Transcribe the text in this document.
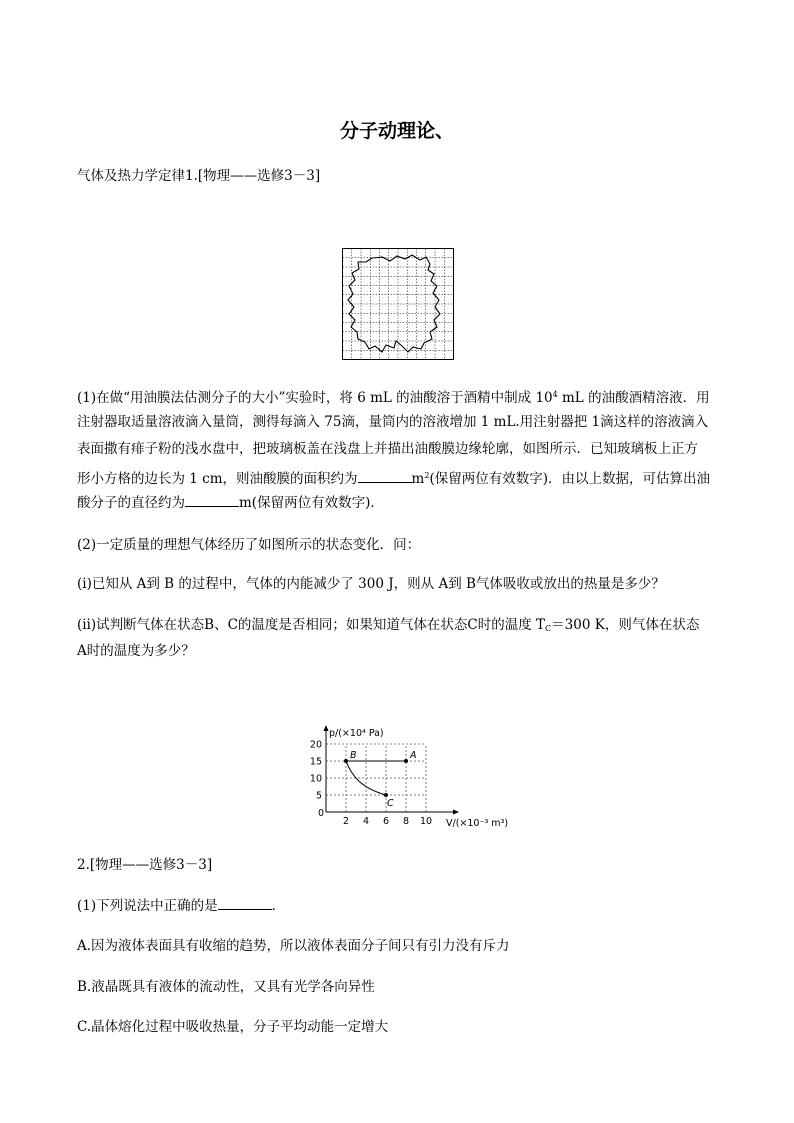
分子动理论、
气体及热力学定律1.[物理——选修3－3]
(1)在做“用油膜法估测分子的大小”实验时，将 6 mL 的油酸溶于酒精中制成 $10^4$ mL 的油酸酒精溶液．用
注射器取适量溶液滴入量筒，测得每滴入 75滴，量筒内的溶液增加 1 mL.用注射器把 1滴这样的溶液滴入
表面撒有痱子粉的浅水盘中，把玻璃板盖在浅盘上并描出油酸膜边缘轮廓，如图所示．已知玻璃板上正方
形小方格的边长为 1 cm，则油酸膜的面积约为	$m^2$(保留两位有效数字)．由以上数据，可估算出油
酸分子的直径约为	m(保留两位有效数字)．
(2)一定质量的理想气体经历了如图所示的状态变化．问：
(ⅰ)已知从 A到 B 的过程中，气体的内能减少了 300 J，则从 A到 B气体吸收或放出的热量是多少？
(ⅱ)试判断气体在状态B、C的温度是否相同；如果知道气体在状态C时的温度 $T_C=300$ K，则气体在状态
A时的温度为多少？
2 4 6 8 10
5
10
15
20
A
B
C
0
p/(×10⁴ Pa)
V/(×10⁻³ m³)
2.[物理——选修3－3]
(1)下列说法中正确的是	．
A.因为液体表面具有收缩的趋势，所以液体表面分子间只有引力没有斥力
B.液晶既具有液体的流动性，又具有光学各向异性
C.晶体熔化过程中吸收热量，分子平均动能一定增大
